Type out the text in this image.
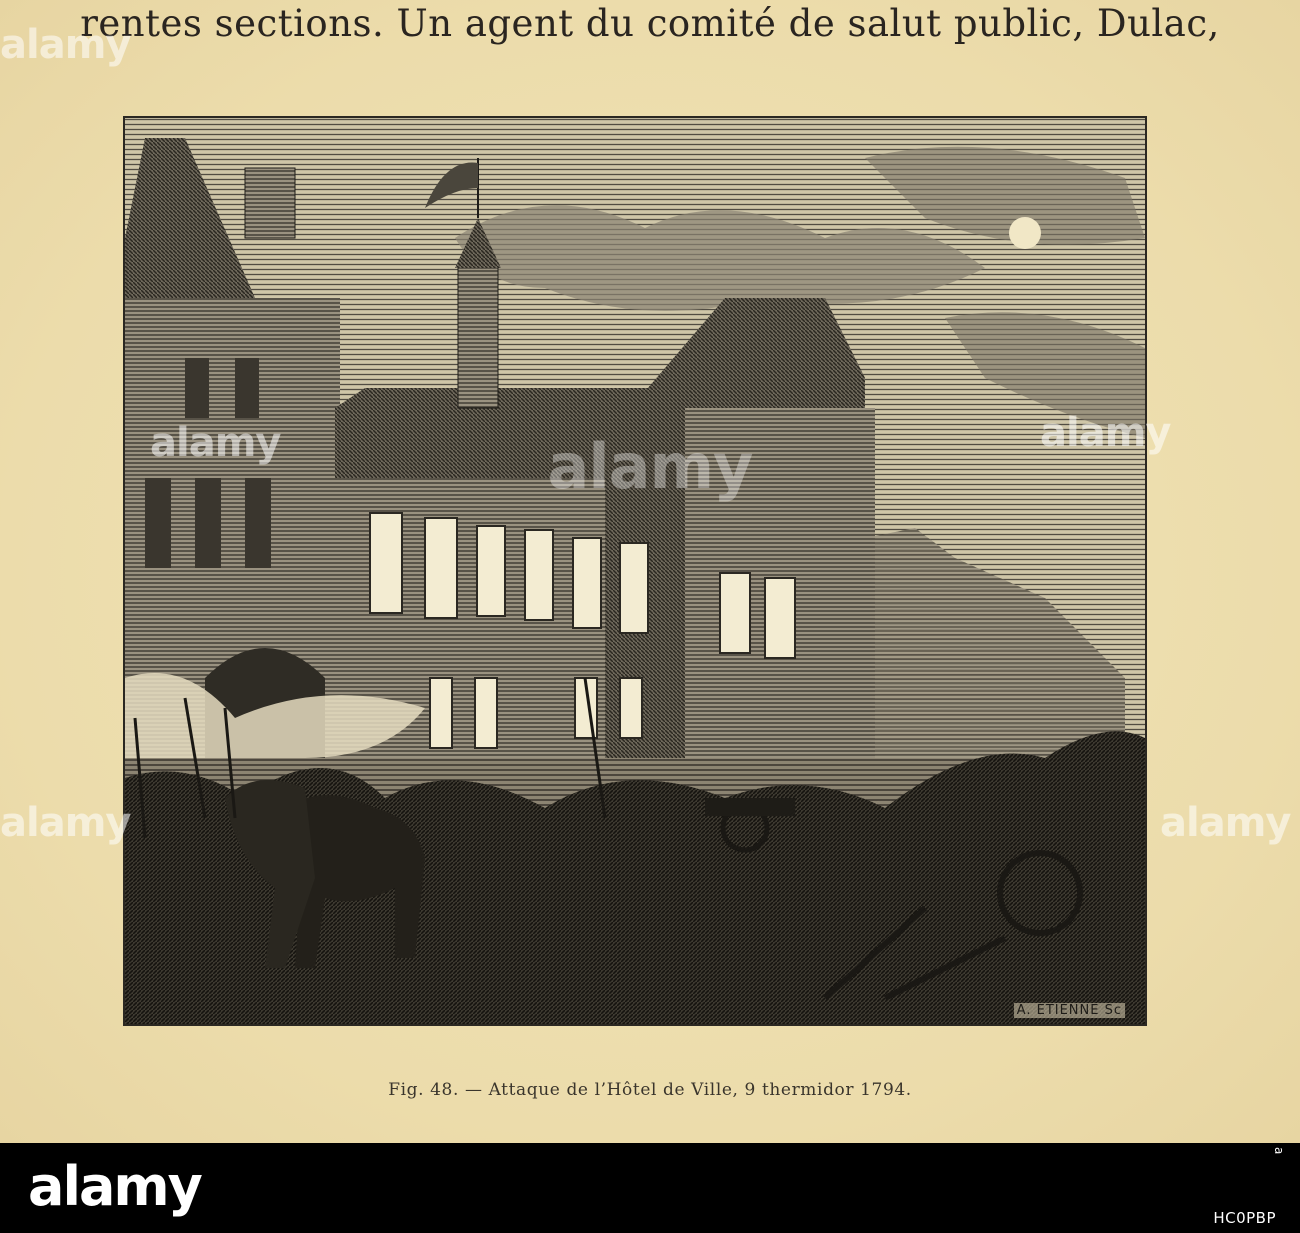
rentes sections. Un agent du comité de salut public, Dulac,
A. ETIENNE Sc
Fig. 48. — Attaque de l’Hôtel de Ville, 9 thermidor 1794.
alamy
alamy	alamy
alamy	alamy
alamy
alamy
a
HC0PBP
